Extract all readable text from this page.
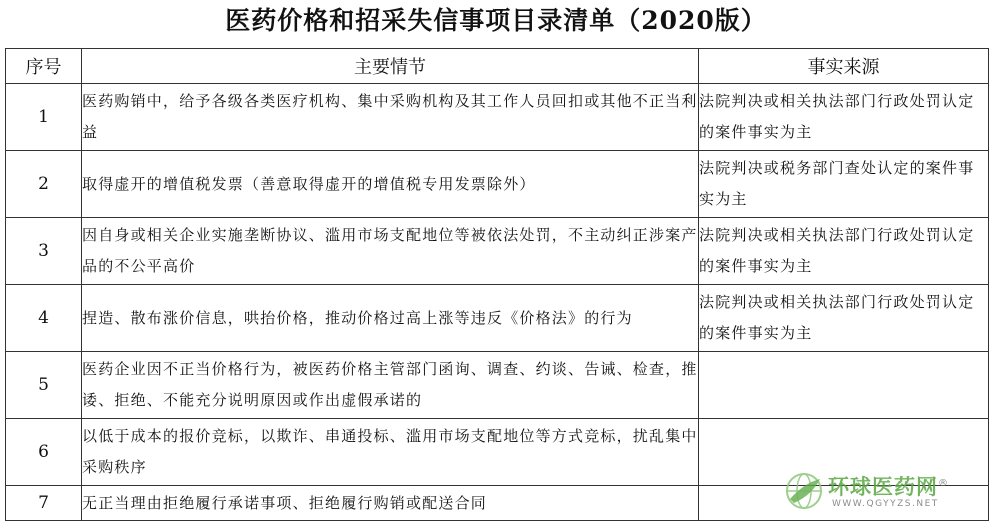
医药价格和招采失信事项目录清单（2020版）
序号	主要情节	事实来源
1	医药购销中，给予各级各类医疗机构、集中采购机构及其工作人员回扣或其他不正当利益	法院判决或相关执法部门行政处罚认定的案件事实为主
2	取得虚开的增值税发票（善意取得虚开的增值税专用发票除外）	法院判决或税务部门查处认定的案件事实为主
3	因自身或相关企业实施垄断协议、滥用市场支配地位等被依法处罚，不主动纠正涉案产品的不公平高价	法院判决或相关执法部门行政处罚认定的案件事实为主
4	捏造、散布涨价信息，哄抬价格，推动价格过高上涨等违反《价格法》的行为	法院判决或相关执法部门行政处罚认定的案件事实为主
5	医药企业因不正当价格行为，被医药价格主管部门函询、调查、约谈、告诫、检查，推诿、拒绝、不能充分说明原因或作出虚假承诺的	
6	以低于成本的报价竞标，以欺诈、串通投标、滥用市场支配地位等方式竞标，扰乱集中采购秩序	
7	无正当理由拒绝履行承诺事项、拒绝履行购销或配送合同	
环球医药网®
WWW.QGYYZS.NET
